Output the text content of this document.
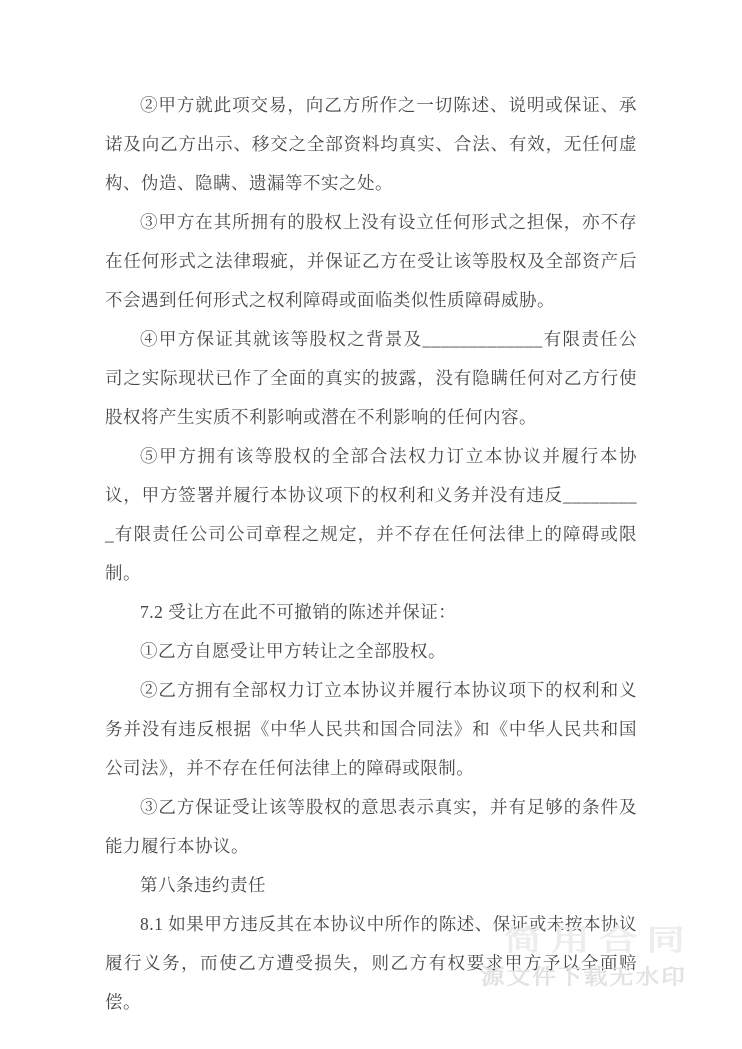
②甲方就此项交易，向乙方所作之一切陈述、说明或保证、承诺及向乙方出示、移交之全部资料均真实、合法、有效，无任何虚构、伪造、隐瞒、遗漏等不实之处。

③甲方在其所拥有的股权上没有设立任何形式之担保，亦不存在任何形式之法律瑕疵，并保证乙方在受让该等股权及全部资产后不会遇到任何形式之权利障碍或面临类似性质障碍威胁。

④甲方保证其就该等股权之背景及_____________有限责任公司之实际现状已作了全面的真实的披露，没有隐瞒任何对乙方行使股权将产生实质不利影响或潜在不利影响的任何内容。

⑤甲方拥有该等股权的全部合法权力订立本协议并履行本协议，甲方签署并履行本协议项下的权利和义务并没有违反_________有限责任公司公司章程之规定，并不存在任何法律上的障碍或限制。

7.2 受让方在此不可撤销的陈述并保证：

①乙方自愿受让甲方转让之全部股权。

②乙方拥有全部权力订立本协议并履行本协议项下的权利和义务并没有违反根据《中华人民共和国合同法》和《中华人民共和国公司法》，并不存在任何法律上的障碍或限制。

③乙方保证受让该等股权的意思表示真实，并有足够的条件及能力履行本协议。

第八条违约责任

8.1 如果甲方违反其在本协议中所作的陈述、保证或未按本协议履行义务，而使乙方遭受损失，则乙方有权要求甲方予以全面赔偿。

简用合同
源文件下载无水印
